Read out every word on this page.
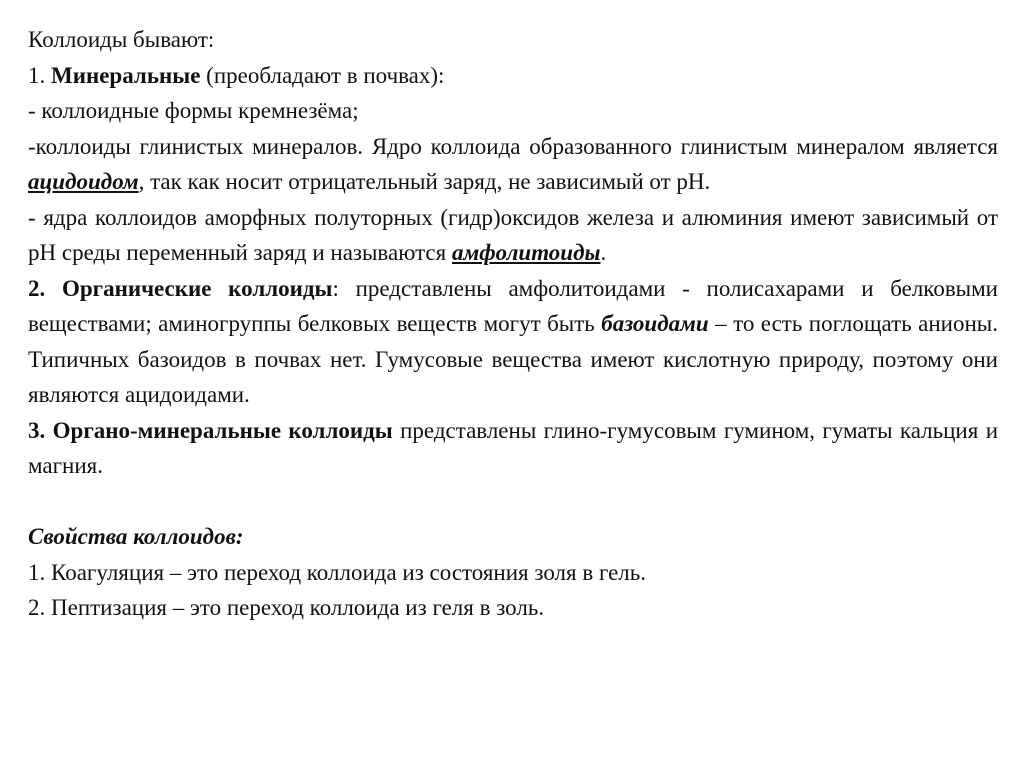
Коллоиды бывают:

1. Минеральные (преобладают в почвах):

- коллоидные формы кремнезёма;

-коллоиды глинистых минералов. Ядро коллоида образованного глинистым минералом является ацидоидом, так как носит отрицательный заряд, не зависимый от рН.

- ядра коллоидов аморфных полуторных (гидр)оксидов железа и алюминия имеют зависимый от рН среды переменный заряд и называются амфолитоиды.

2. Органические коллоиды: представлены амфолитоидами - полисахарами и белковыми веществами; аминогруппы белковых веществ могут быть базоидами – то есть поглощать анионы. Типичных базоидов в почвах нет. Гумусовые вещества имеют кислотную природу, поэтому они являются ацидоидами.

3. Органо-минеральные коллоиды представлены глино-гумусовым гумином, гуматы кальция и магния.

Свойства коллоидов:

1. Коагуляция – это переход коллоида из состояния золя в гель.

2. Пептизация – это переход коллоида из геля в золь.
